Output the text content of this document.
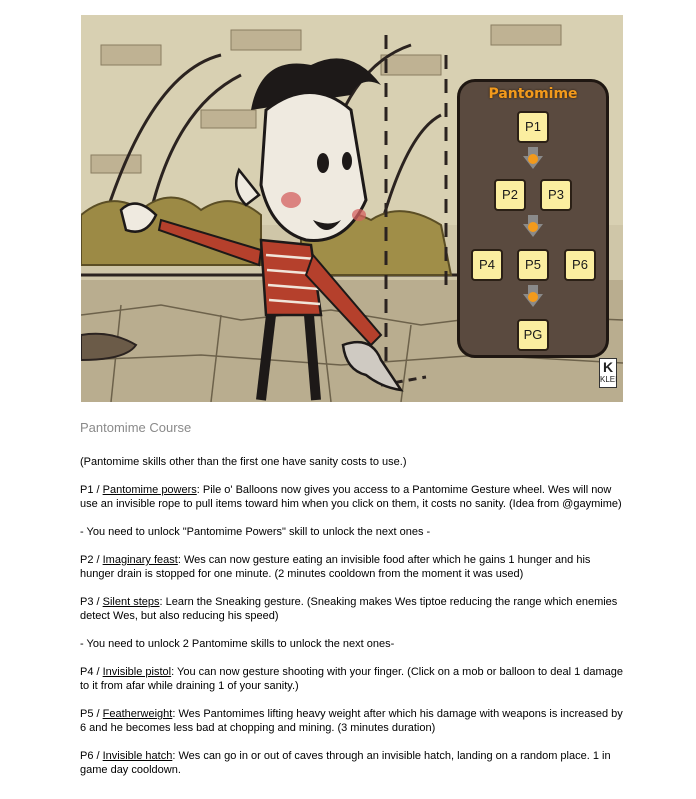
Pantomime
P1
P2	P3
P4	P5	P6
PG
K
KLEI
Pantomime Course

(Pantomime skills other than the first one have sanity costs to use.)

P1 / Pantomime powers: Pile o' Balloons now gives you access to a Pantomime Gesture wheel. Wes will now use an invisible rope to pull items toward him when you click on them, it costs no sanity. (Idea from @gaymime)

- You need to unlock "Pantomime Powers" skill to unlock the next ones -

P2 / Imaginary feast: Wes can now gesture eating an invisible food after which he gains 1 hunger and his hunger drain is stopped for one minute. (2 minutes cooldown from the moment it was used)

P3 / Silent steps: Learn the Sneaking gesture. (Sneaking makes Wes tiptoe reducing the range which enemies detect Wes, but also reducing his speed)

- You need to unlock 2 Pantomime skills to unlock the next ones-

P4 / Invisible pistol: You can now gesture shooting with your finger. (Click on a mob or balloon to deal 1 damage to it from afar while draining 1 of your sanity.)

P5 / Featherweight: Wes Pantomimes lifting heavy weight after which his damage with weapons is increased by 6 and he becomes less bad at chopping and mining. (3 minutes duration)

P6 / Invisible hatch: Wes can go in or out of caves through an invisible hatch, landing on a random place. 1 in game day cooldown.
